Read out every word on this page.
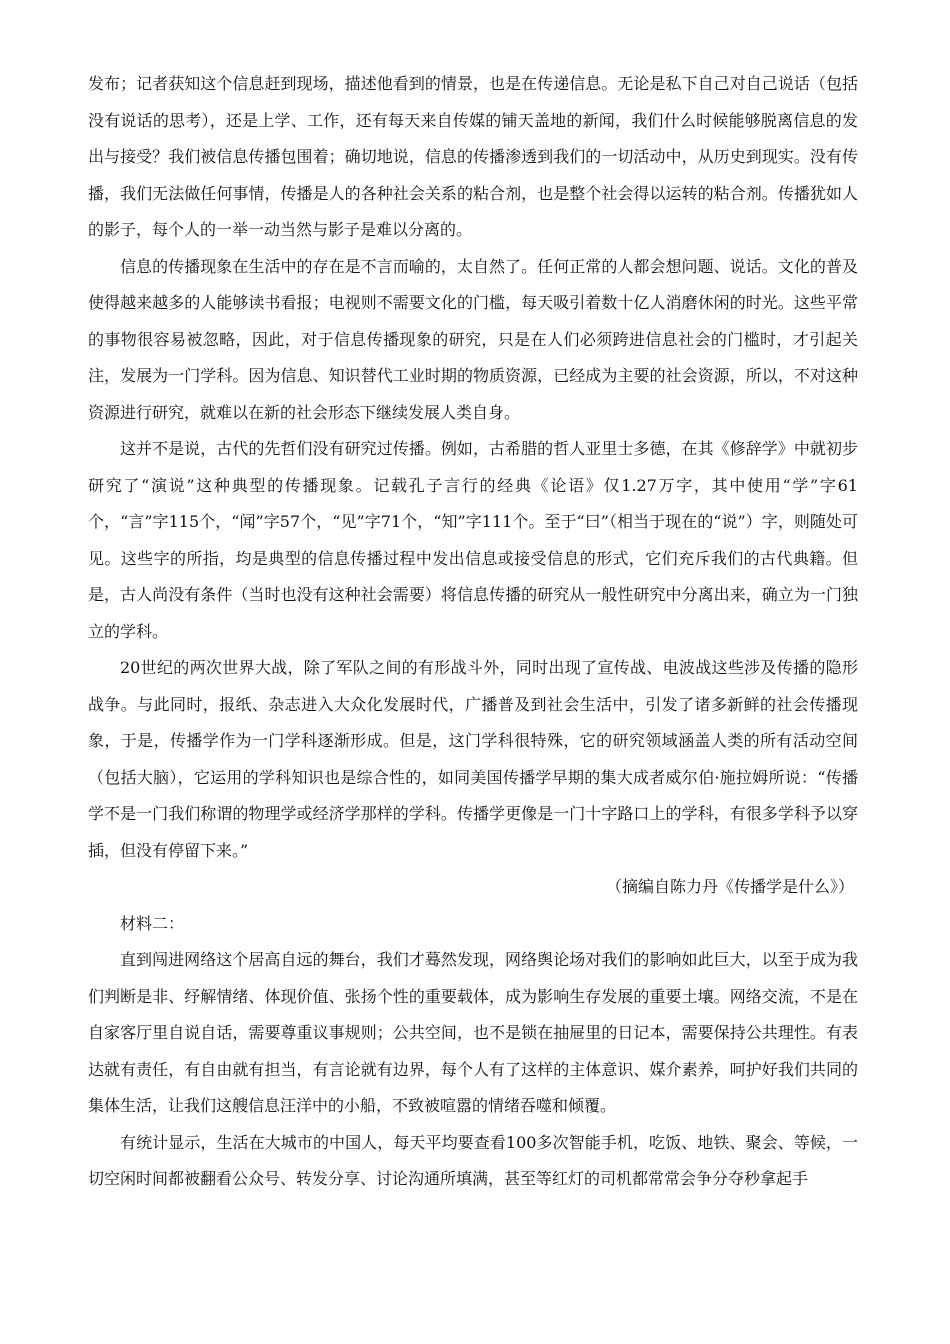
发布；记者获知这个信息赶到现场，描述他看到的情景，也是在传递信息。无论是私下自己对自己说话（包括没有说话的思考），还是上学、工作，还有每天来自传媒的铺天盖地的新闻，我们什么时候能够脱离信息的发出与接受？我们被信息传播包围着；确切地说，信息的传播渗透到我们的一切活动中，从历史到现实。没有传播，我们无法做任何事情，传播是人的各种社会关系的粘合剂，也是整个社会得以运转的粘合剂。传播犹如人的影子，每个人的一举一动当然与影子是难以分离的。

信息的传播现象在生活中的存在是不言而喻的，太自然了。任何正常的人都会想问题、说话。文化的普及使得越来越多的人能够读书看报；电视则不需要文化的门槛，每天吸引着数十亿人消磨休闲的时光。这些平常的事物很容易被忽略，因此，对于信息传播现象的研究，只是在人们必须跨进信息社会的门槛时，才引起关注，发展为一门学科。因为信息、知识替代工业时期的物质资源，已经成为主要的社会资源，所以，不对这种资源进行研究，就难以在新的社会形态下继续发展人类自身。

这并不是说，古代的先哲们没有研究过传播。例如，古希腊的哲人亚里士多德，在其《修辞学》中就初步研究了“演说”这种典型的传播现象。记载孔子言行的经典《论语》仅1.27万字，其中使用“学”字61个，“言”字115个，“闻”字57个，“见”字71个，“知”字111个。至于“曰”（相当于现在的“说”）字，则随处可见。这些字的所指，均是典型的信息传播过程中发出信息或接受信息的形式，它们充斥我们的古代典籍。但是，古人尚没有条件（当时也没有这种社会需要）将信息传播的研究从一般性研究中分离出来，确立为一门独立的学科。

20世纪的两次世界大战，除了军队之间的有形战斗外，同时出现了宣传战、电波战这些涉及传播的隐形战争。与此同时，报纸、杂志进入大众化发展时代，广播普及到社会生活中，引发了诸多新鲜的社会传播现象，于是，传播学作为一门学科逐渐形成。但是，这门学科很特殊，它的研究领域涵盖人类的所有活动空间（包括大脑），它运用的学科知识也是综合性的，如同美国传播学早期的集大成者威尔伯·施拉姆所说：“传播学不是一门我们称谓的物理学或经济学那样的学科。传播学更像是一门十字路口上的学科，有很多学科予以穿插，但没有停留下来。”

（摘编自陈力丹《传播学是什么》）

材料二：

直到闯进网络这个居高自远的舞台，我们才蓦然发现，网络舆论场对我们的影响如此巨大，以至于成为我们判断是非、纾解情绪、体现价值、张扬个性的重要载体，成为影响生存发展的重要土壤。网络交流，不是在自家客厅里自说自话，需要尊重议事规则；公共空间，也不是锁在抽屉里的日记本，需要保持公共理性。有表达就有责任，有自由就有担当，有言论就有边界，每个人有了这样的主体意识、媒介素养，呵护好我们共同的集体生活，让我们这艘信息汪洋中的小船，不致被喧嚣的情绪吞噬和倾覆。

有统计显示，生活在大城市的中国人，每天平均要查看100多次智能手机，吃饭、地铁、聚会、等候，一切空闲时间都被翻看公众号、转发分享、讨论沟通所填满，甚至等红灯的司机都常常会争分夺秒拿起手
